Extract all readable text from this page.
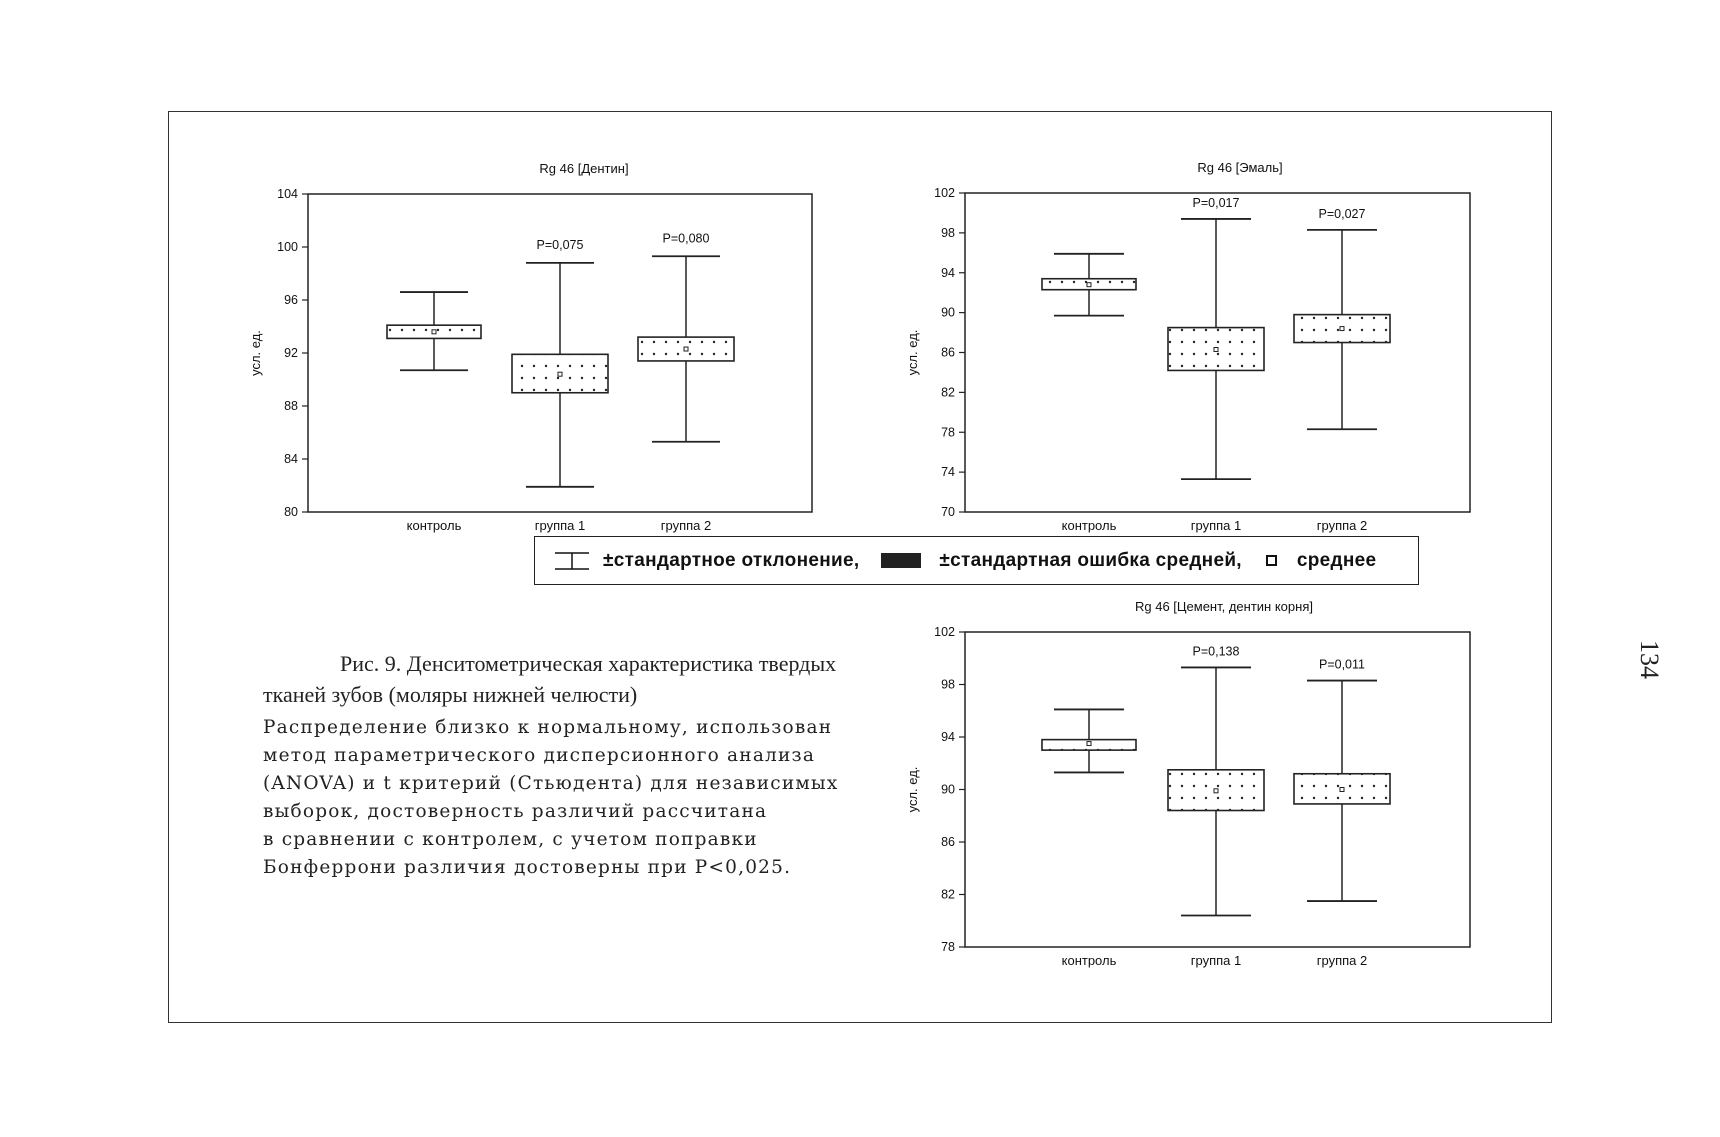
Rg 46 [Дентин]
80
84
88
92
96
100
104
усл. ед.
контроль	группа 1
P=0,075
группа 2
P=0,080
Rg 46 [Эмаль]
70
74
78
82
86
90
94
98
102
усл. ед.
контроль	группа 1
P=0,017
группа 2
P=0,027
Rg 46 [Цемент, дентин корня]
78
82
86
90
94
98
102
усл. ед.
контроль	группа 1
P=0,138
группа 2
P=0,011
±стандартное отклонение,	±стандартная ошибка средней,	среднее

Рис. 9. Денситометрическая характеристика твердых тканей зубов (моляры нижней челюсти)

Распределение близко к нормальному, использован
метод параметрического дисперсионного анализа
(ANOVA) и t критерий (Стьюдента) для независимых
выборок, достоверность различий рассчитана
в сравнении с контролем, с учетом поправки
Бонферрони различия достоверны при P<0,025.

134
